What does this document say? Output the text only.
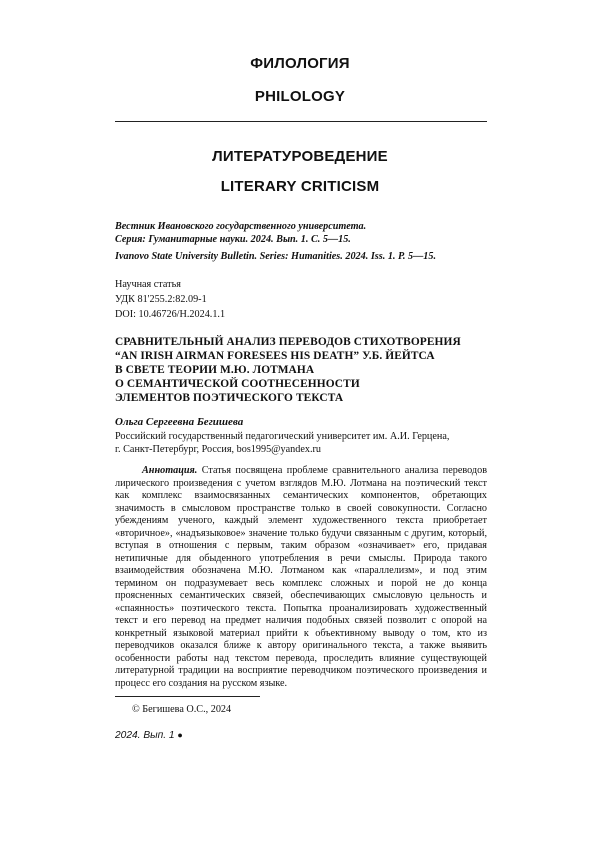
ФИЛОЛОГИЯ
PHILOLOGY
ЛИТЕРАТУРОВЕДЕНИЕ
LITERARY CRITICISM
Вестник Ивановского государственного университета.
Серия: Гуманитарные науки. 2024. Вып. 1. С. 5—15.
Ivanovo State University Bulletin. Series: Humanities. 2024. Iss. 1. P. 5—15.
Научная статья
УДК 81'255.2:82.09-1
DOI: 10.46726/H.2024.1.1
СРАВНИТЕЛЬНЫЙ АНАЛИЗ ПЕРЕВОДОВ СТИХОТВОРЕНИЯ
“AN IRISH AIRMAN FORESEES HIS DEATH” У.Б. ЙЕЙТСА
В СВЕТЕ ТЕОРИИ М.Ю. ЛОТМАНА
О СЕМАНТИЧЕСКОЙ СООТНЕСЕННОСТИ
ЭЛЕМЕНТОВ ПОЭТИЧЕСКОГО ТЕКСТА
Ольга Сергеевна Бегишева
Российский государственный педагогический университет им. А.И. Герцена,
г. Санкт-Петербург, Россия, bos1995@yandex.ru

Аннотация. Статья посвящена проблеме сравнительного анализа переводов лирического произведения с учетом взглядов М.Ю. Лотмана на поэтический текст как комплекс взаимосвязанных семантических компонентов, обретающих значимость в смысловом пространстве только в своей совокупности. Согласно убеждениям ученого, каждый элемент художественного текста приобретает «вторичное», «надъязыковое» значение только будучи связанным с другим, который, вступая в отношения с первым, таким образом «означивает» его, придавая нетипичные для обыденного употребления в речи смыслы. Природа такого взаимодействия обозначена М.Ю. Лотманом как «параллелизм», и под этим термином он подразумевает весь комплекс сложных и порой не до конца проясненных семантических связей, обеспечивающих смысловую цельность и «спаянность» поэтического текста. Попытка проанализировать художественный текст и его перевод на предмет наличия подобных связей позволит с опорой на конкретный языковой материал прийти к объективному выводу о том, кто из переводчиков оказался ближе к автору оригинального текста, а также выявить особенности работы над текстом перевода, проследить влияние существующей литературной традиции на восприятие переводчиком поэтического произведения и процесс его создания на русском языке.

© Бегишева О.С., 2024
2024. Вып. 1 ●
